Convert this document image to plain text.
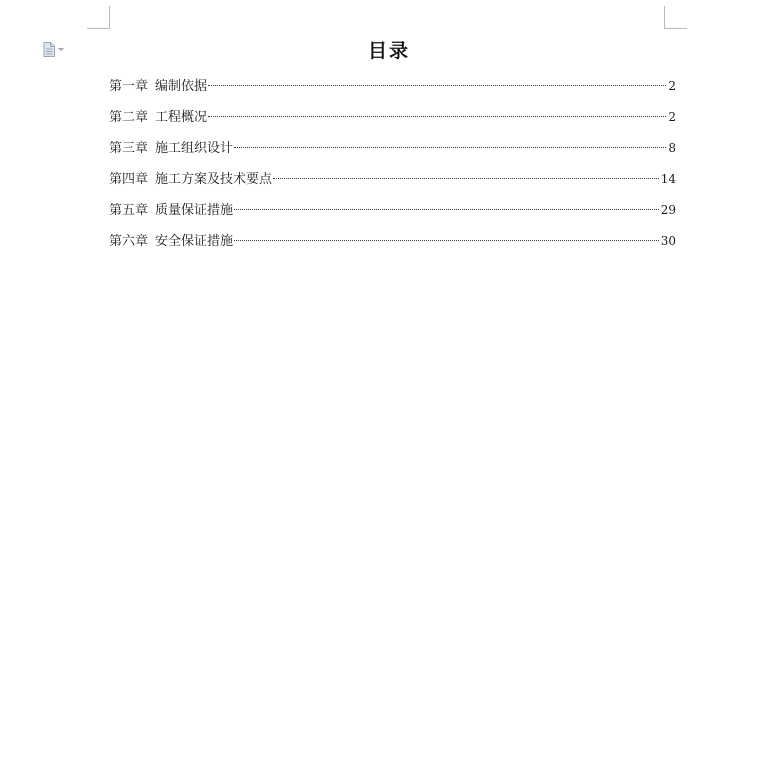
目录
第一章 编制依据	2
第二章 工程概况	2
第三章 施工组织设计	8
第四章 施工方案及技术要点	14
第五章 质量保证措施	29
第六章 安全保证措施	30
